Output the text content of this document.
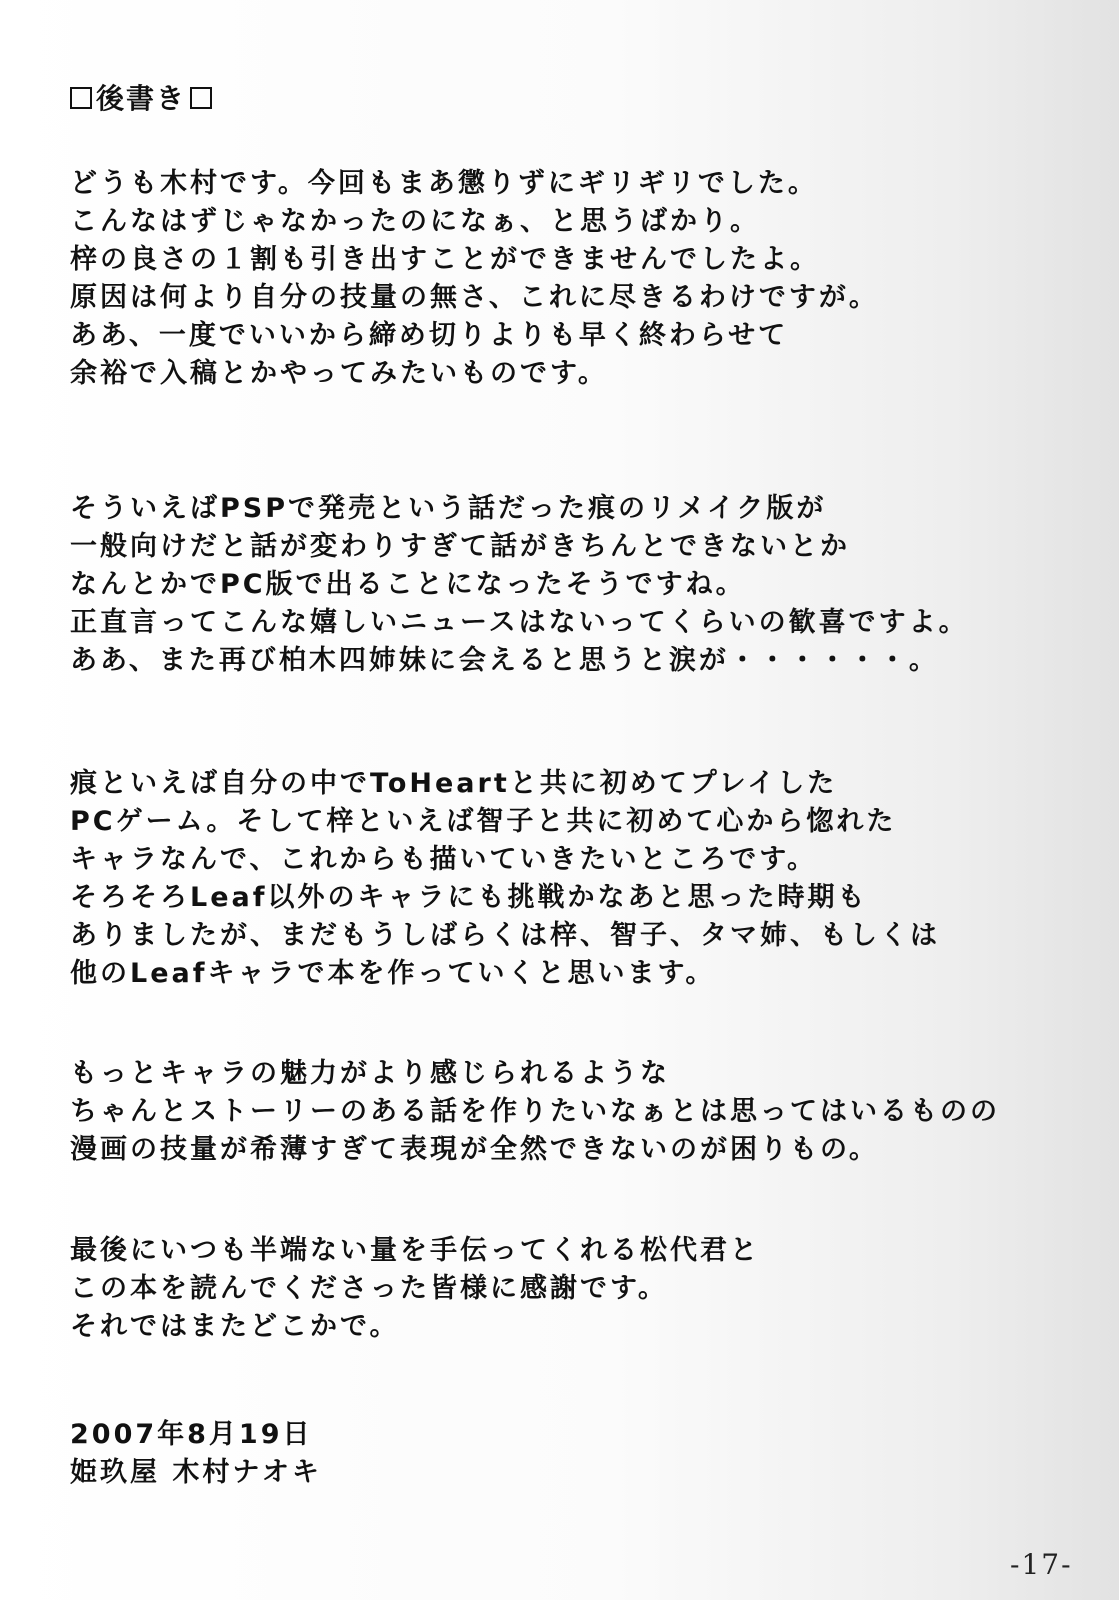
後書き
どうも木村です。今回もまあ懲りずにギリギリでした。
こんなはずじゃなかったのになぁ、と思うばかり。
梓の良さの１割も引き出すことができませんでしたよ。
原因は何より自分の技量の無さ、これに尽きるわけですが。
ああ、一度でいいから締め切りよりも早く終わらせて
余裕で入稿とかやってみたいものです。
そういえばPSPで発売という話だった痕のリメイク版が
一般向けだと話が変わりすぎて話がきちんとできないとか
なんとかでPC版で出ることになったそうですね。
正直言ってこんな嬉しいニュースはないってくらいの歓喜ですよ。
ああ、また再び柏木四姉妹に会えると思うと涙が・・・・・・。
痕といえば自分の中でToHeartと共に初めてプレイした
PCゲーム。そして梓といえば智子と共に初めて心から惚れた
キャラなんで、これからも描いていきたいところです。
そろそろLeaf以外のキャラにも挑戦かなあと思った時期も
ありましたが、まだもうしばらくは梓、智子、タマ姉、もしくは
他のLeafキャラで本を作っていくと思います。
もっとキャラの魅力がより感じられるような
ちゃんとストーリーのある話を作りたいなぁとは思ってはいるものの
漫画の技量が希薄すぎて表現が全然できないのが困りもの。
最後にいつも半端ない量を手伝ってくれる松代君と
この本を読んでくださった皆様に感謝です。
それではまたどこかで。
2007年8月19日
姫玖屋 木村ナオキ
-17-
